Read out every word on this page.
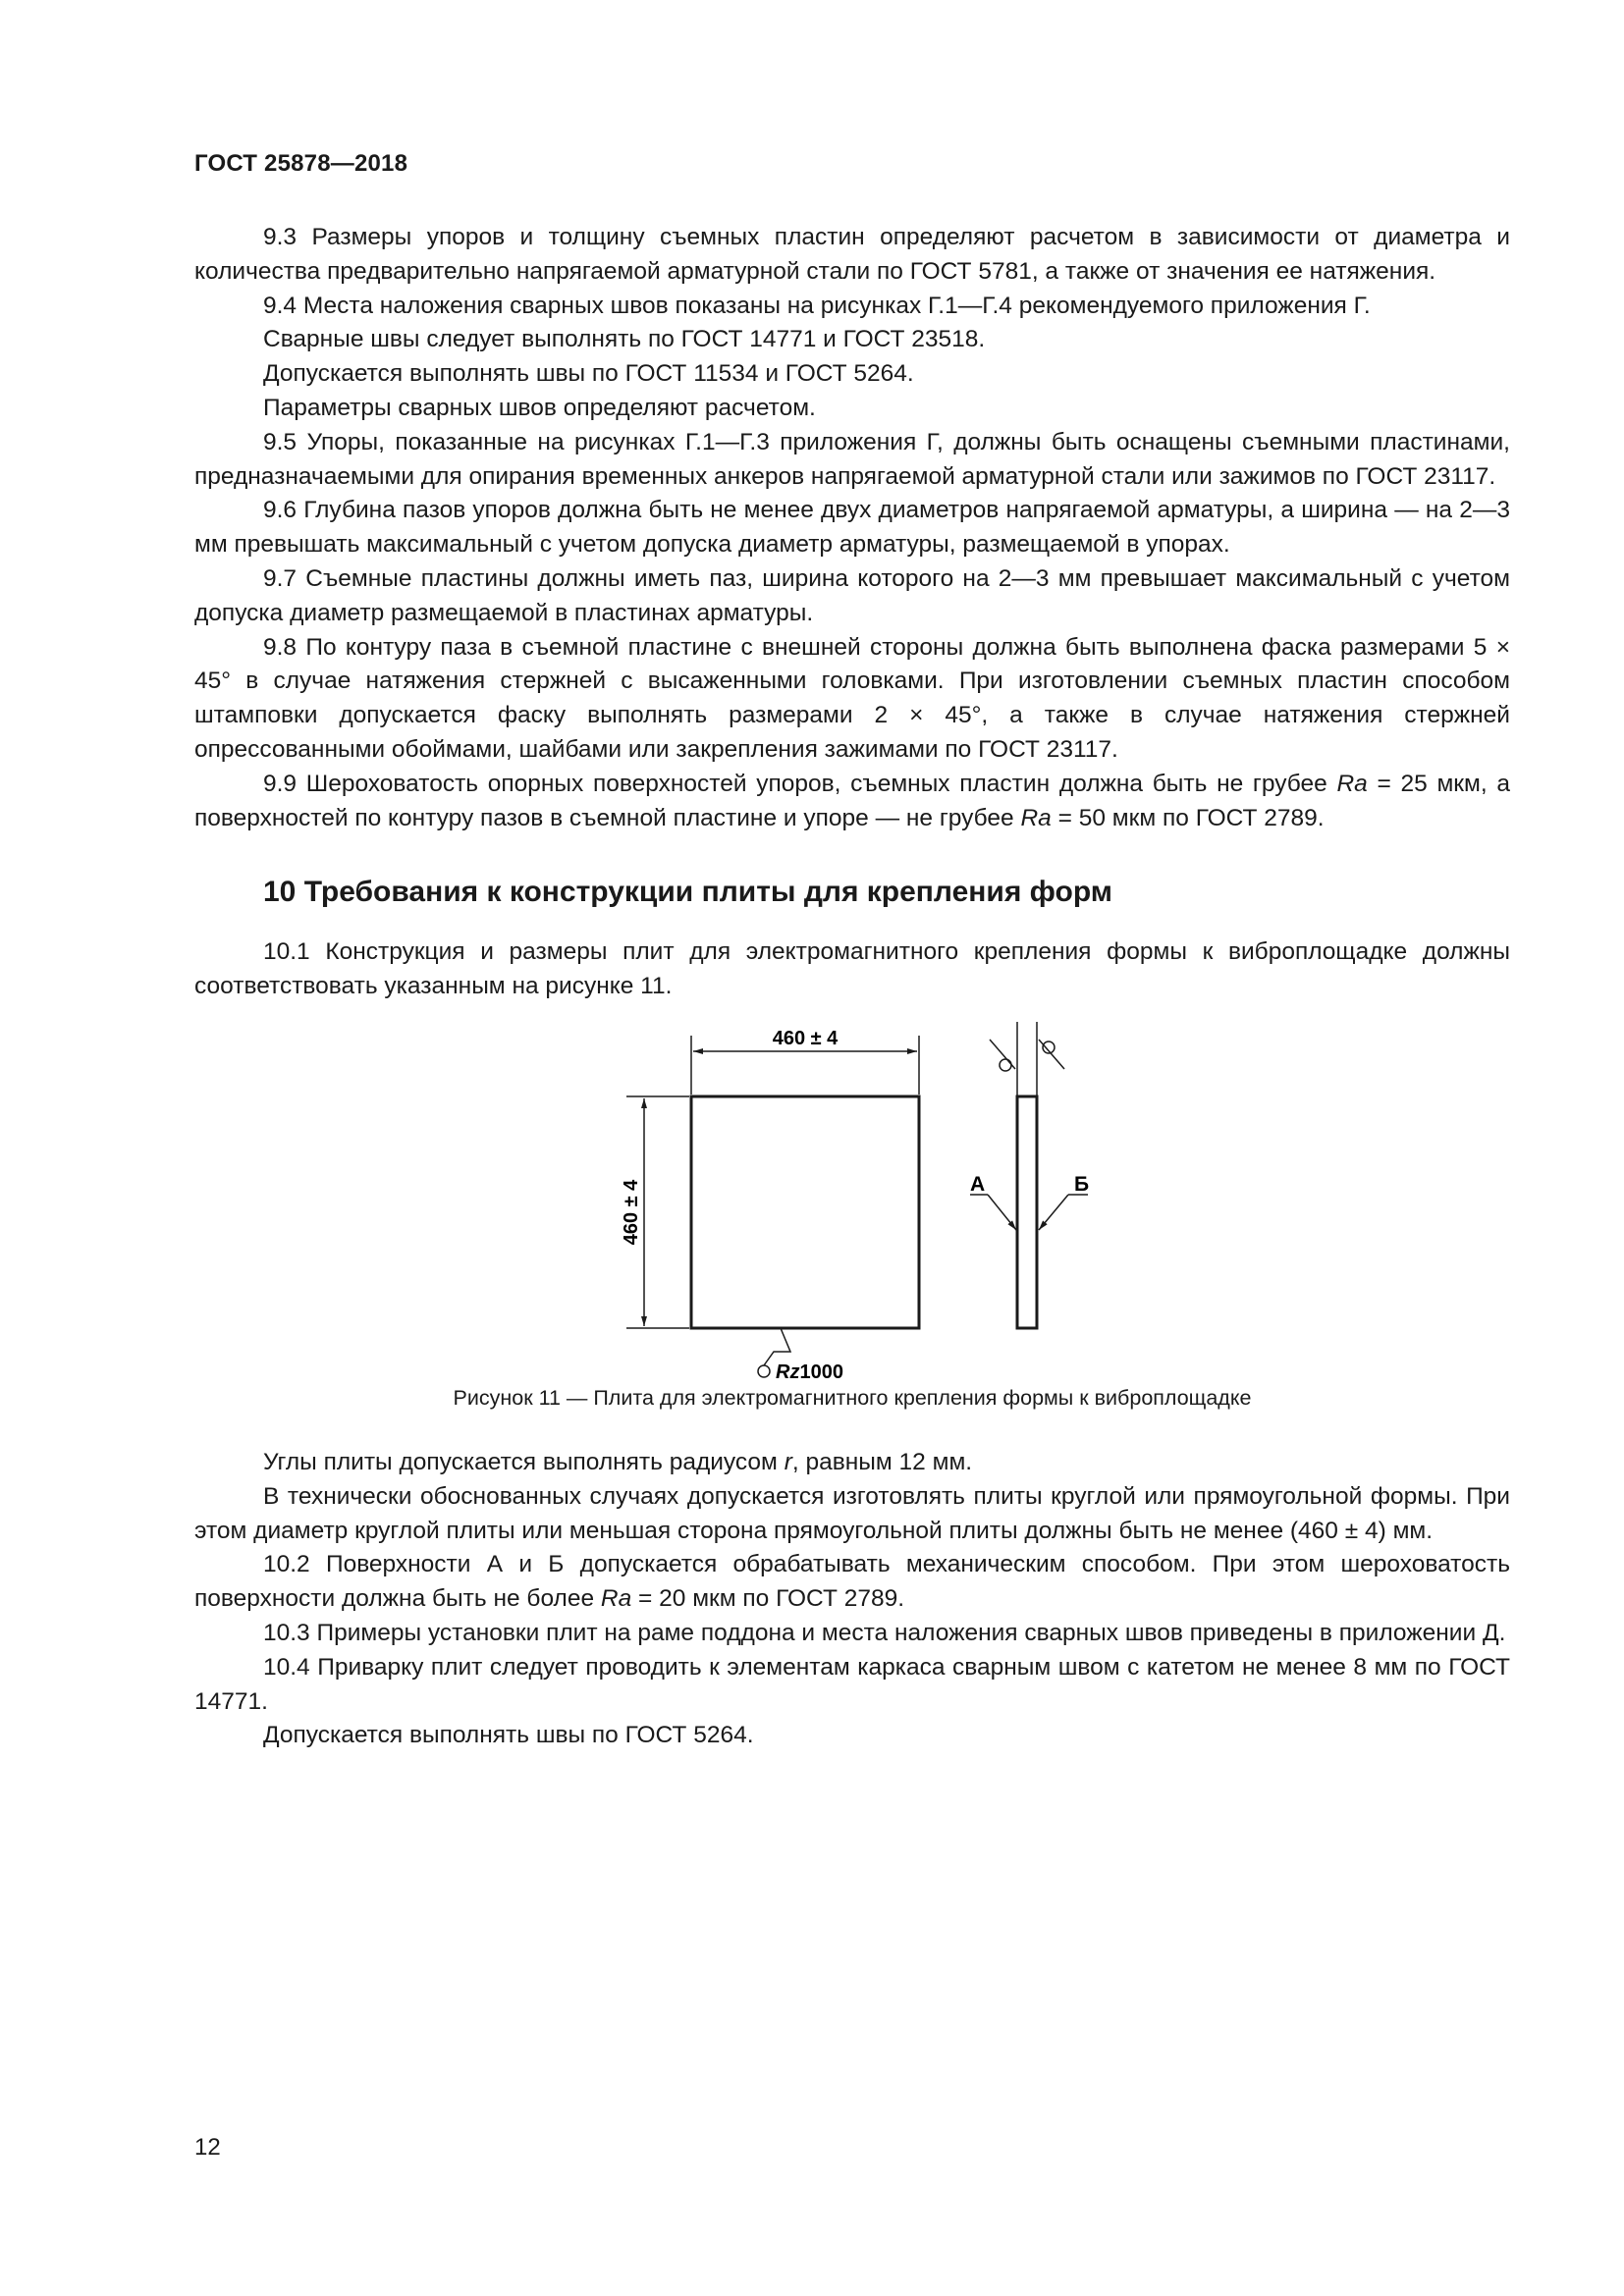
ГОСТ 25878—2018

9.3 Размеры упоров и толщину съемных пластин определяют расчетом в зависимости от диаметра и количества предварительно напрягаемой арматурной стали по ГОСТ 5781, а также от значения ее натяжения.

9.4 Места наложения сварных швов показаны на рисунках Г.1—Г.4 рекомендуемого приложения Г.

Сварные швы следует выполнять по ГОСТ 14771 и ГОСТ 23518.

Допускается выполнять швы по ГОСТ 11534 и ГОСТ 5264.

Параметры сварных швов определяют расчетом.

9.5 Упоры, показанные на рисунках Г.1—Г.3 приложения Г, должны быть оснащены съемными пластинами, предназначаемыми для опирания временных анкеров напрягаемой арматурной стали или зажимов по ГОСТ 23117.

9.6 Глубина пазов упоров должна быть не менее двух диаметров напрягаемой арматуры, а ширина — на 2—3 мм превышать максимальный с учетом допуска диаметр арматуры, размещаемой в упорах.

9.7 Съемные пластины должны иметь паз, ширина которого на 2—3 мм превышает максимальный с учетом допуска диаметр размещаемой в пластинах арматуры.

9.8 По контуру паза в съемной пластине с внешней стороны должна быть выполнена фаска размерами 5 × 45° в случае натяжения стержней с высаженными головками. При изготовлении съемных пластин способом штамповки допускается фаску выполнять размерами 2 × 45°, а также в случае натяжения стержней опрессованными обоймами, шайбами или закрепления зажимами по ГОСТ 23117.

9.9 Шероховатость опорных поверхностей упоров, съемных пластин должна быть не грубее Ra = 25 мкм, а поверхностей по контуру пазов в съемной пластине и упоре — не грубее Ra = 50 мкм по ГОСТ 2789.

10 Требования к конструкции плиты для крепления форм

10.1 Конструкция и размеры плит для электромагнитного крепления формы к виброплощадке должны соответствовать указанным на рисунке 11.

460 ± 4
460 ± 4
Rz1000
А	Б
Рисунок 11 — Плита для электромагнитного крепления формы к виброплощадке

Углы плиты допускается выполнять радиусом r, равным 12 мм.

В технически обоснованных случаях допускается изготовлять плиты круглой или прямоугольной формы. При этом диаметр круглой плиты или меньшая сторона прямоугольной плиты должны быть не менее (460 ± 4) мм.

10.2 Поверхности А и Б допускается обрабатывать механическим способом. При этом шероховатость поверхности должна быть не более Ra = 20 мкм по ГОСТ 2789.

10.3 Примеры установки плит на раме поддона и места наложения сварных швов приведены в приложении Д.

10.4 Приварку плит следует проводить к элементам каркаса сварным швом с катетом не менее 8 мм по ГОСТ 14771.

Допускается выполнять швы по ГОСТ 5264.

12
